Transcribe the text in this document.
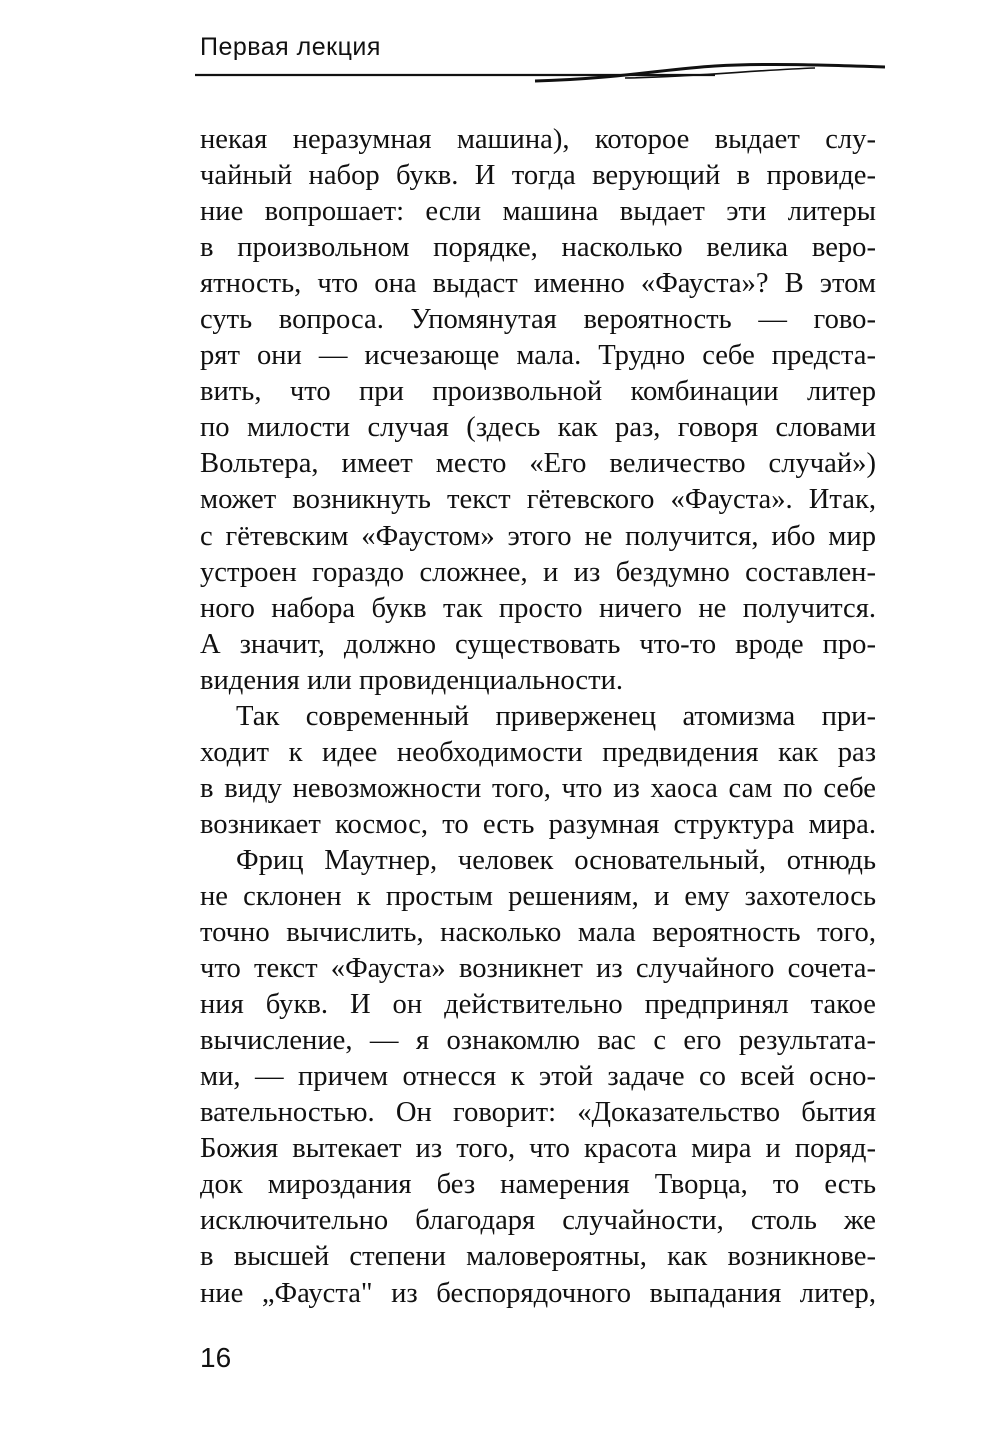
Первая лекция
некая неразумная машина), которое выдает слу-
чайный набор букв. И тогда верующий в провиде-
ние вопрошает: если машина выдает эти литеры
в произвольном порядке, насколько велика веро-
ятность, что она выдаст именно «Фауста»? В этом
суть вопроса. Упомянутая вероятность — гово-
рят они — исчезающе мала. Трудно себе предста-
вить, что при произвольной комбинации литер
по милости случая (здесь как раз, говоря словами
Вольтера, имеет место «Его величество случай»)
может возникнуть текст гётевского «Фауста». Итак,
с гётевским «Фаустом» этого не получится, ибо мир
устроен гораздо сложнее, и из бездумно составлен-
ного набора букв так просто ничего не получится.
А значит, должно существовать что-то вроде про-
видения или провиденциальности.
Так современный приверженец атомизма при-
ходит к идее необходимости предвидения как раз
в виду невозможности того, что из хаоса сам по себе
возникает космос, то есть разумная структура мира.
Фриц Маутнер, человек основательный, отнюдь
не склонен к простым решениям, и ему захотелось
точно вычислить, насколько мала вероятность того,
что текст «Фауста» возникнет из случайного сочета-
ния букв. И он действительно предпринял такое
вычисление, — я ознакомлю вас с его результата-
ми, — причем отнесся к этой задаче со всей осно-
вательностью. Он говорит: «Доказательство бытия
Божия вытекает из того, что красота мира и поряд-
док мироздания без намерения Творца, то есть
исключительно благодаря случайности, столь же
в высшей степени маловероятны, как возникнове-
ние „Фауста" из беспорядочного выпадания литер,
16
